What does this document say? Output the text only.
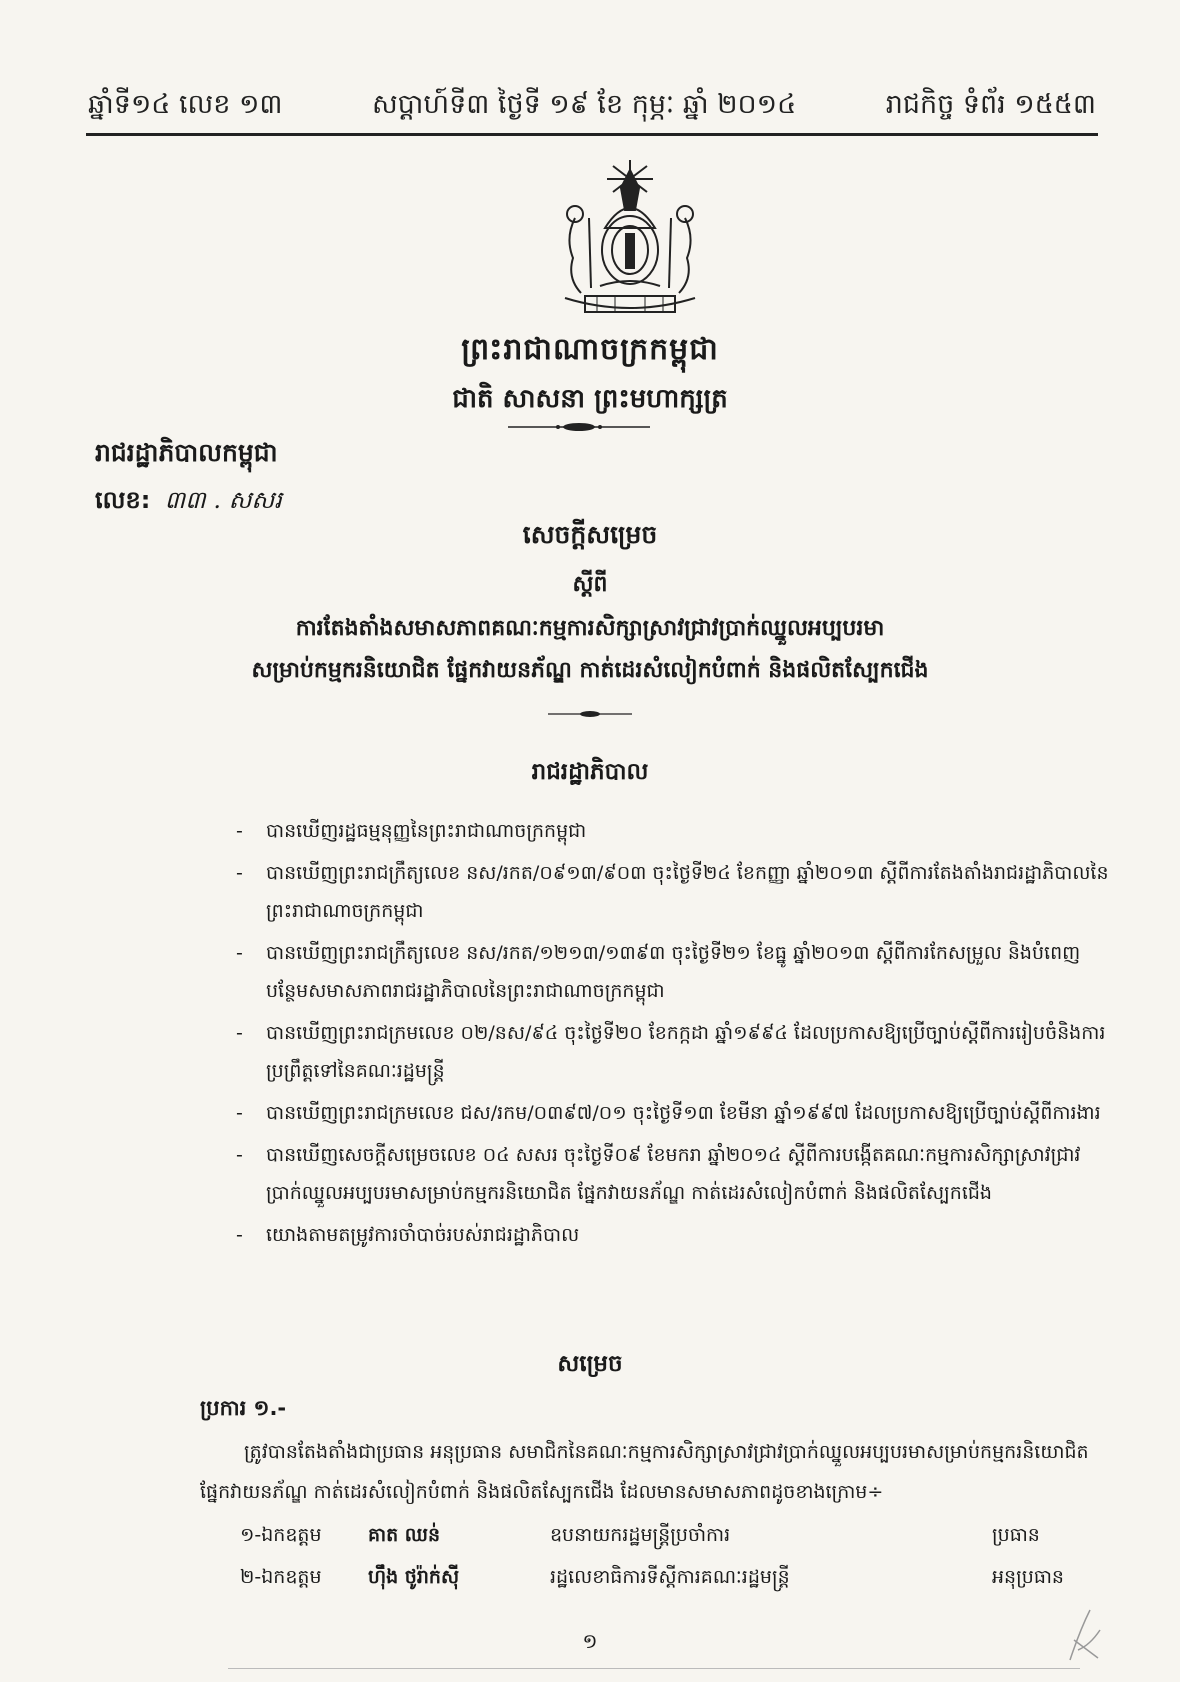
ឆ្នាំទី១៤ លេខ ១៣	សប្តាហ៍ទី៣ ថ្ងៃទី ១៩ ខែ កុម្ភៈ ឆ្នាំ ២០១៤	រាជកិច្ច ទំព័រ ១៥៥៣
ព្រះរាជាណាចក្រកម្ពុជា
ជាតិ សាសនា ព្រះមហាក្សត្រ
រាជរដ្ឋាភិបាលកម្ពុជា
លេខ: ៣៣ . សសរ
សេចក្តីសម្រេច
ស្តីពី
ការតែងតាំងសមាសភាពគណៈកម្មការសិក្សាស្រាវជ្រាវប្រាក់ឈ្នួលអប្បបរមា
សម្រាប់កម្មករនិយោជិត ផ្នែកវាយនភ័ណ្ឌ កាត់ដេរសំលៀកបំពាក់ និងផលិតស្បែកជើង
រាជរដ្ឋាភិបាល
- បានឃើញរដ្ឋធម្មនុញ្ញនៃព្រះរាជាណាចក្រកម្ពុជា
- បានឃើញព្រះរាជក្រឹត្យលេខ នស/រកត/០៩១៣/៩០៣ ចុះថ្ងៃទី២៤ ខែកញ្ញា ឆ្នាំ២០១៣ ស្តីពីការតែងតាំងរាជរដ្ឋាភិបាលនៃព្រះរាជាណាចក្រកម្ពុជា
- បានឃើញព្រះរាជក្រឹត្យលេខ នស/រកត/១២១៣/១៣៩៣ ចុះថ្ងៃទី២១ ខែធ្នូ ឆ្នាំ២០១៣ ស្តីពីការកែសម្រួល និងបំពេញបន្ថែមសមាសភាពរាជរដ្ឋាភិបាលនៃព្រះរាជាណាចក្រកម្ពុជា
- បានឃើញព្រះរាជក្រមលេខ ០២/នស/៩៤ ចុះថ្ងៃទី២០ ខែកក្កដា ឆ្នាំ១៩៩៤ ដែលប្រកាសឱ្យប្រើច្បាប់ស្តីពីការរៀបចំនិងការប្រព្រឹត្តទៅនៃគណៈរដ្ឋមន្ត្រី
- បានឃើញព្រះរាជក្រមលេខ ជស/រកម/០៣៩៧/០១ ចុះថ្ងៃទី១៣ ខែមីនា ឆ្នាំ១៩៩៧ ដែលប្រកាសឱ្យប្រើច្បាប់ស្តីពីការងារ
- បានឃើញសេចក្តីសម្រេចលេខ ០៤ សសរ ចុះថ្ងៃទី០៩ ខែមករា ឆ្នាំ២០១៤ ស្តីពីការបង្កើតគណៈកម្មការសិក្សាស្រាវជ្រាវប្រាក់ឈ្នួលអប្បបរមាសម្រាប់កម្មករនិយោជិត ផ្នែកវាយនភ័ណ្ឌ កាត់ដេរសំលៀកបំពាក់ និងផលិតស្បែកជើង
- យោងតាមតម្រូវការចាំបាច់របស់រាជរដ្ឋាភិបាល
សម្រេច
ប្រការ ១.-
ត្រូវបានតែងតាំងជាប្រធាន អនុប្រធាន សមាជិកនៃគណៈកម្មការសិក្សាស្រាវជ្រាវប្រាក់ឈ្នួលអប្បបរមាសម្រាប់កម្មករនិយោជិត ផ្នែកវាយនភ័ណ្ឌ កាត់ដេរសំលៀកបំពាក់ និងផលិតស្បែកជើង ដែលមានសមាសភាពដូចខាងក្រោម÷
១-ឯកឧត្តម	គាត ឈន់	ឧបនាយករដ្ឋមន្ត្រីប្រចាំការ	ប្រធាន
២-ឯកឧត្តម	ហ៊ឹង ថូរ៉ាក់ស៊ី	រដ្ឋលេខាធិការទីស្តីការគណៈរដ្ឋមន្ត្រី	អនុប្រធាន
១
